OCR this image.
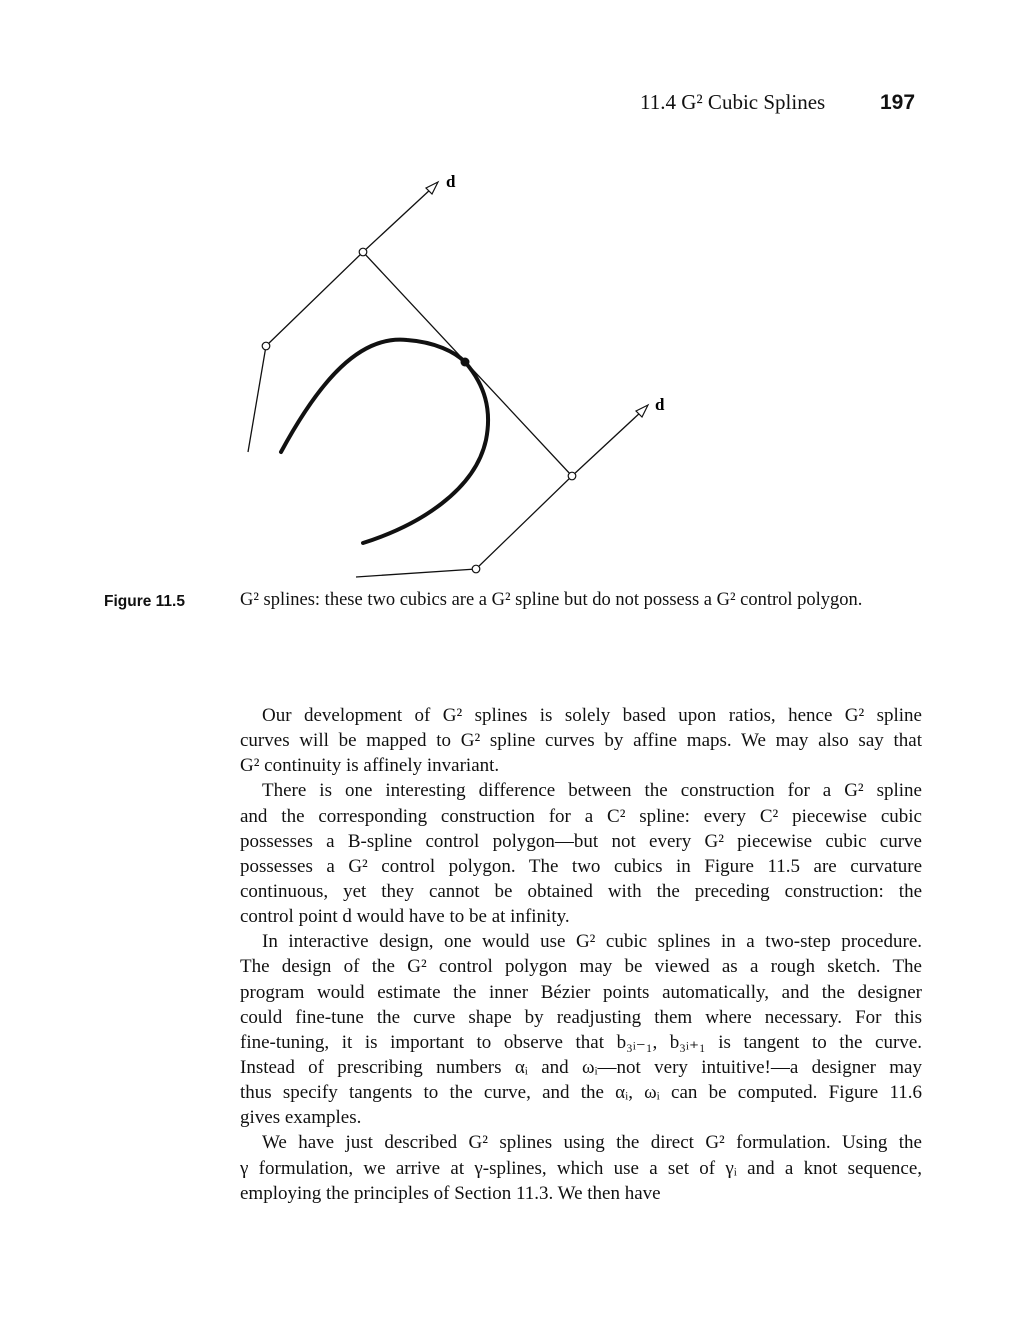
11.4 G² Cubic Splines	197
d
d
Figure 11.5	G² splines: these two cubics are a G² spline but do not possess a G² control polygon.
Our development of G² splines is solely based upon ratios, hence G² spline
curves will be mapped to G² spline curves by affine maps. We may also say that
G² continuity is affinely invariant.
There is one interesting difference between the construction for a G² spline
and the corresponding construction for a C² spline: every C² piecewise cubic
possesses a B-spline control polygon—but not every G² piecewise cubic curve
possesses a G² control polygon. The two cubics in Figure 11.5 are curvature
continuous, yet they cannot be obtained with the preceding construction: the
control point d would have to be at infinity.
In interactive design, one would use G² cubic splines in a two-step procedure.
The design of the G² control polygon may be viewed as a rough sketch. The
program would estimate the inner Bézier points automatically, and the designer
could fine-tune the curve shape by readjusting them where necessary. For this
fine-tuning, it is important to observe that b₃ᵢ₋₁, b₃ᵢ₊₁ is tangent to the curve.
Instead of prescribing numbers αᵢ and ωᵢ—not very intuitive!—a designer may
thus specify tangents to the curve, and the αᵢ, ωᵢ can be computed. Figure 11.6
gives examples.
We have just described G² splines using the direct G² formulation. Using the
γ formulation, we arrive at γ-splines, which use a set of γᵢ and a knot sequence,
employing the principles of Section 11.3. We then have
